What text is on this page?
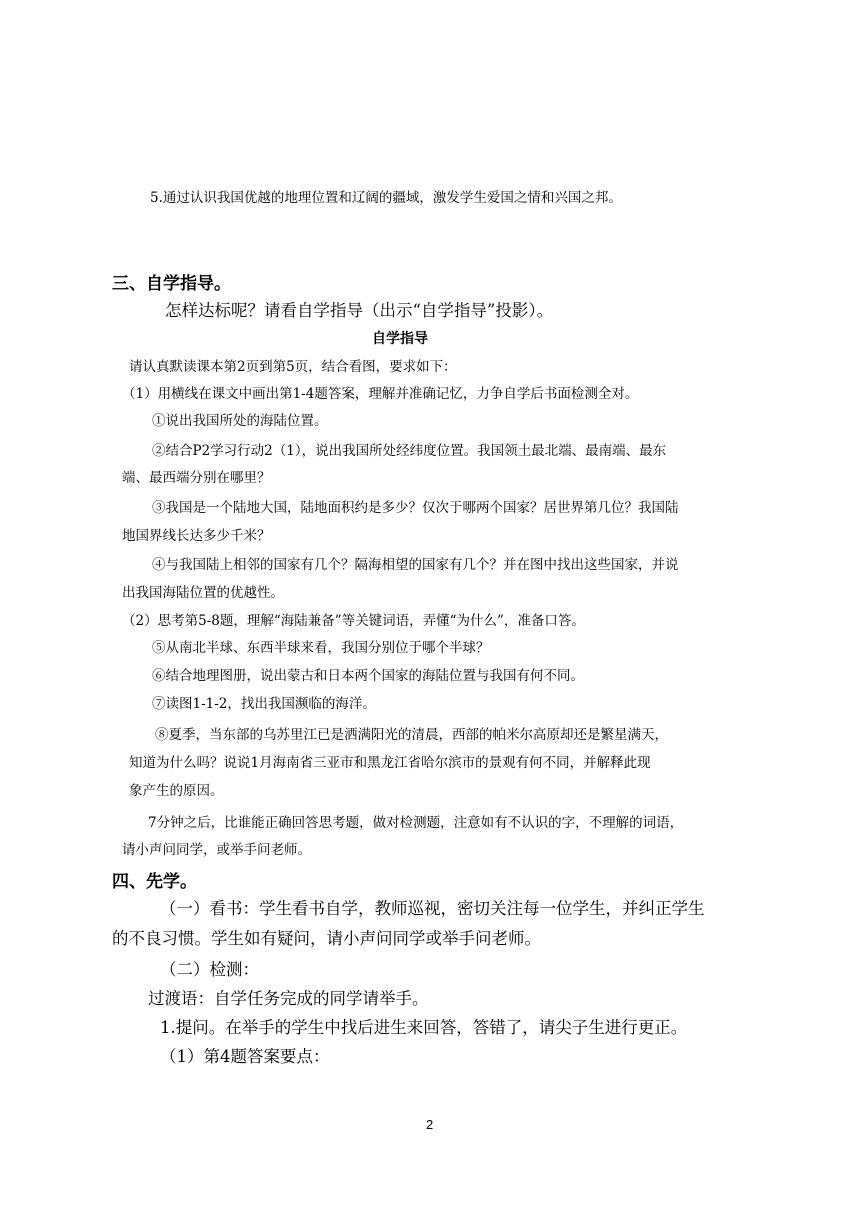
5.通过认识我国优越的地理位置和辽阔的疆域，激发学生爱国之情和兴国之邦。

三、自学指导。

怎样达标呢？请看自学指导（出示“自学指导”投影）。

自学指导

请认真默读课本第2页到第5页，结合看图，要求如下：

（1）用横线在课文中画出第1-4题答案，理解并准确记忆，力争自学后书面检测全对。

①说出我国所处的海陆位置。

②结合P2学习行动2（1），说出我国所处经纬度位置。我国领土最北端、最南端、最东

端、最西端分别在哪里？

③我国是一个陆地大国，陆地面积约是多少？仅次于哪两个国家？居世界第几位？我国陆

地国界线长达多少千米？

④与我国陆上相邻的国家有几个？隔海相望的国家有几个？并在图中找出这些国家，并说

出我国海陆位置的优越性。

（2）思考第5-8题，理解“海陆兼备”等关键词语，弄懂“为什么”，准备口答。

⑤从南北半球、东西半球来看，我国分别位于哪个半球？

⑥结合地理图册，说出蒙古和日本两个国家的海陆位置与我国有何不同。

⑦读图1-1-2，找出我国濒临的海洋。

⑧夏季，当东部的乌苏里江已是洒满阳光的清晨，西部的帕米尔高原却还是繁星满天，

知道为什么吗？说说1月海南省三亚市和黑龙江省哈尔滨市的景观有何不同，并解释此现

象产生的原因。

7分钟之后，比谁能正确回答思考题，做对检测题，注意如有不认识的字，不理解的词语，

请小声问同学，或举手问老师。

四、先学。

（一）看书：学生看书自学，教师巡视，密切关注每一位学生，并纠正学生

的不良习惯。学生如有疑问，请小声问同学或举手问老师。

（二）检测：

过渡语：自学任务完成的同学请举手。

1.提问。在举手的学生中找后进生来回答，答错了，请尖子生进行更正。

（1）第4题答案要点：

2
